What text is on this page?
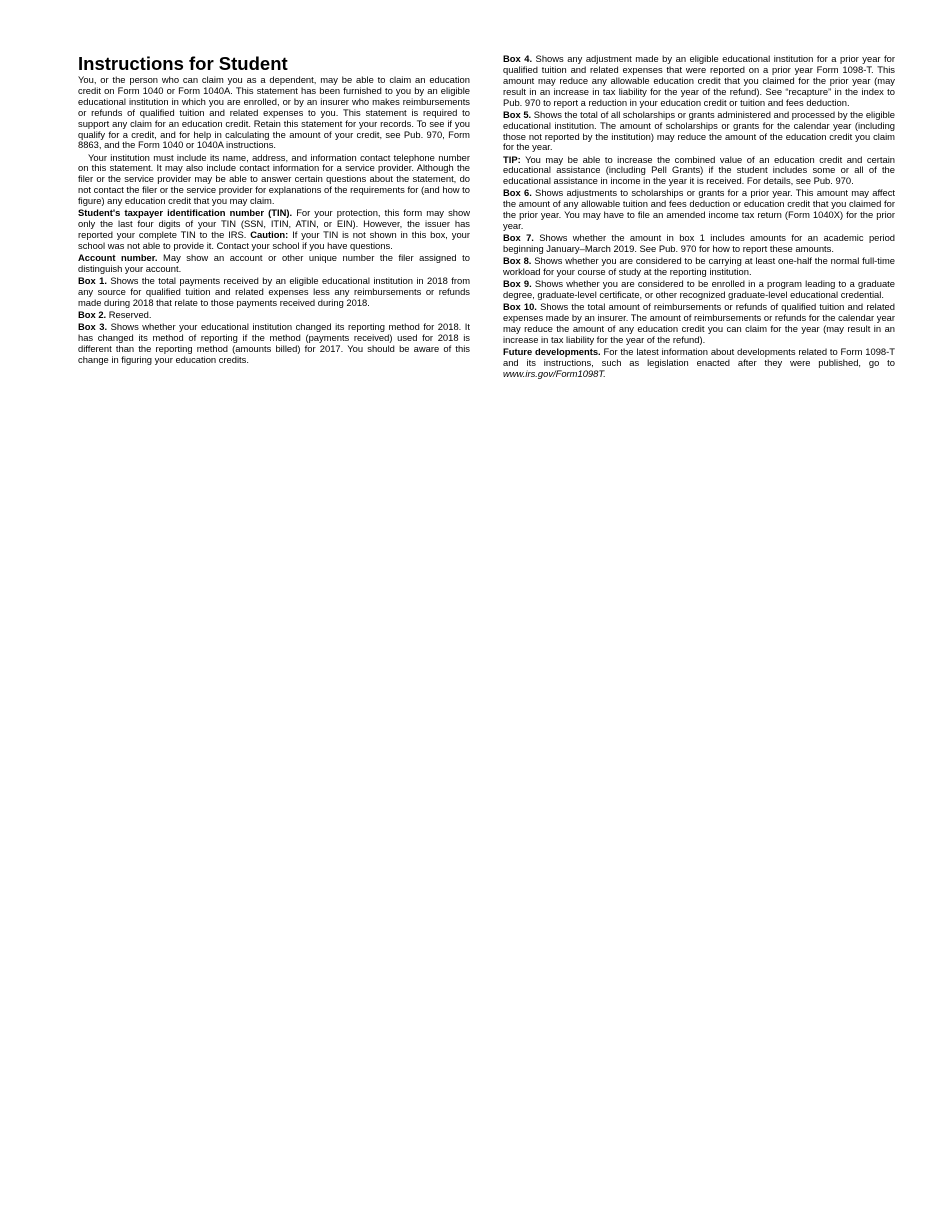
Instructions for Student

You, or the person who can claim you as a dependent, may be able to claim an education credit on Form 1040 or Form 1040A. This statement has been furnished to you by an eligible educational institution in which you are enrolled, or by an insurer who makes reimbursements or refunds of qualified tuition and related expenses to you. This statement is required to support any claim for an education credit. Retain this statement for your records. To see if you qualify for a credit, and for help in calculating the amount of your credit, see Pub. 970, Form 8863, and the Form 1040 or 1040A instructions.

Your institution must include its name, address, and information contact telephone number on this statement. It may also include contact information for a service provider. Although the filer or the service provider may be able to answer certain questions about the statement, do not contact the filer or the service provider for explanations of the requirements for (and how to figure) any education credit that you may claim.

Student's taxpayer identification number (TIN). For your protection, this form may show only the last four digits of your TIN (SSN, ITIN, ATIN, or EIN). However, the issuer has reported your complete TIN to the IRS. Caution: If your TIN is not shown in this box, your school was not able to provide it. Contact your school if you have questions.

Account number. May show an account or other unique number the filer assigned to distinguish your account.

Box 1. Shows the total payments received by an eligible educational institution in 2018 from any source for qualified tuition and related expenses less any reimbursements or refunds made during 2018 that relate to those payments received during 2018.

Box 2. Reserved.

Box 3. Shows whether your educational institution changed its reporting method for 2018. It has changed its method of reporting if the method (payments received) used for 2018 is different than the reporting method (amounts billed) for 2017. You should be aware of this change in figuring your education credits.

Box 4. Shows any adjustment made by an eligible educational institution for a prior year for qualified tuition and related expenses that were reported on a prior year Form 1098-T. This amount may reduce any allowable education credit that you claimed for the prior year (may result in an increase in tax liability for the year of the refund). See “recapture” in the index to Pub. 970 to report a reduction in your education credit or tuition and fees deduction.

Box 5. Shows the total of all scholarships or grants administered and processed by the eligible educational institution. The amount of scholarships or grants for the calendar year (including those not reported by the institution) may reduce the amount of the education credit you claim for the year.

TIP: You may be able to increase the combined value of an education credit and certain educational assistance (including Pell Grants) if the student includes some or all of the educational assistance in income in the year it is received. For details, see Pub. 970.

Box 6. Shows adjustments to scholarships or grants for a prior year. This amount may affect the amount of any allowable tuition and fees deduction or education credit that you claimed for the prior year. You may have to file an amended income tax return (Form 1040X) for the prior year.

Box 7. Shows whether the amount in box 1 includes amounts for an academic period beginning January–March 2019. See Pub. 970 for how to report these amounts.

Box 8. Shows whether you are considered to be carrying at least one-half the normal full-time workload for your course of study at the reporting institution.

Box 9. Shows whether you are considered to be enrolled in a program leading to a graduate degree, graduate-level certificate, or other recognized graduate-level educational credential.

Box 10. Shows the total amount of reimbursements or refunds of qualified tuition and related expenses made by an insurer. The amount of reimbursements or refunds for the calendar year may reduce the amount of any education credit you can claim for the year (may result in an increase in tax liability for the year of the refund).

Future developments. For the latest information about developments related to Form 1098-T and its instructions, such as legislation enacted after they were published, go to www.irs.gov/Form1098T.
